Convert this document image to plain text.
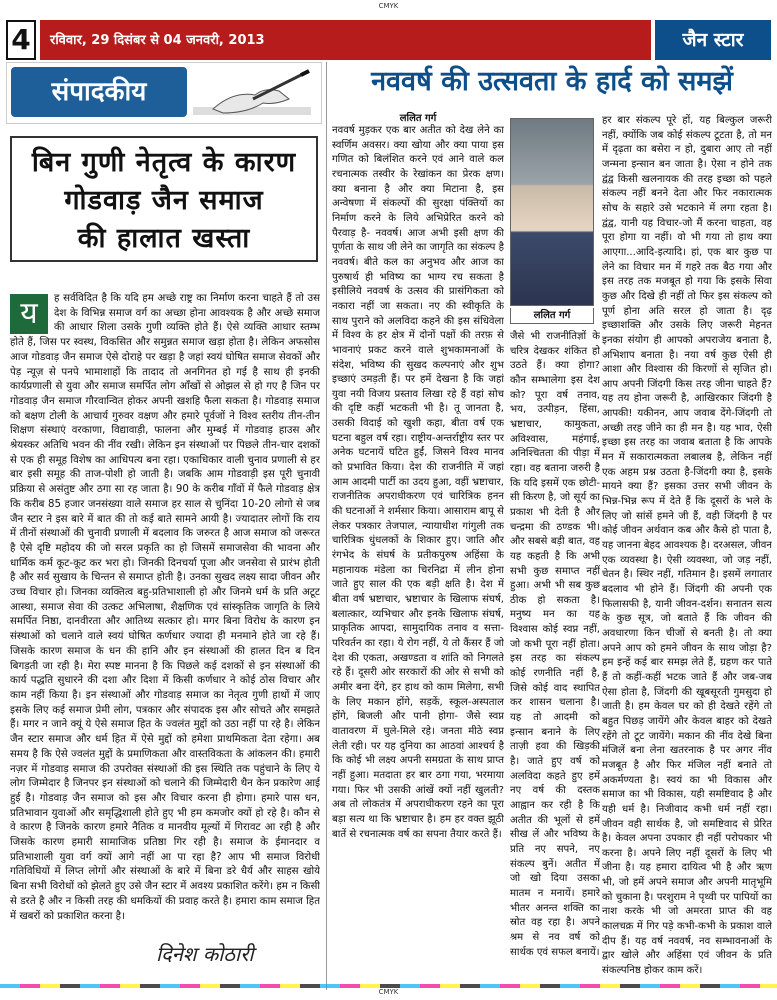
CMYK
4	रविवार, 29 दिसंबर से 04 जनवरी, 2013	जैन स्टार
संपादकीय
बिन गुणी नेतृत्व के कारण
गोडवाड़ जैन समाज
की हालात खस्ता
य	ह सर्वविदित है कि यदि हम अच्छे राष्ट्र का निर्माण करना चाहते हैं तो उस देश के विभिन्न समाज वर्ग का अच्छा होना आवश्यक है और अच्छे समाज की आधार शिला उसके गुणी व्यक्ति होते हैं। ऐसे व्यक्ति आधार स्तम्भ होते हैं, जिस पर स्वस्थ, विकसित और समुन्नत समाज खड़ा होता है। लेकिन अफसोस आज गोडवाड़ जैन समाज ऐसे दोराहे पर खड़ा है जहां स्वयं घोषित समाज सेवकों और पेड़ न्यूज़ से पनपे भामाशाहों कि तादाद तो अनगिनत हो गई है साथ ही इनकी कार्यप्रणाली से युवा और समाज समर्पित लोग आँखों से ओझल से हो गए है जिन पर गोडवाड़ जैन समाज गौरवान्वित होकर अपनी खशहि फैला सकता है। गोडवाड़ समाज को बक्षण टोली के आचार्य गुरुवर वक्षण और हमारे पूर्वजों ने विश्व स्तरीय तीन-तीन शिक्षण संस्थाएं वरकाणा, विद्यावाड़ी, फालना और मुम्बई में गोडवाड़ हाउस और श्रेयस्कर अतिथि भवन की नींव रखी। लेकिन इन संस्थाओं पर पिछले तीन-चार दशकों से एक ही समूह विशेष का आधिपत्य बना रहा। एकाधिकार वाली चुनाव प्रणाली से हर बार इसी समूह की ताज-पोशी हो जाती है। जबकि आम गोडवाड़ी इस पूरी चुनावी प्रक्रिया से असंतुष्ट और ठगा सा रह जाता है। 90 के करीब गाँवों में फैले गोडवाड़ क्षेत्र कि करीब 85 हजार जनसंख्या वाले समाज हर साल से चुनिंदा 10-20 लोगो से जब जैन स्टार ने इस बारे में बात की तो कई बाते सामने आयी है। ज्यादातर लोगों कि राय में तीनों संस्थाओं की चुनावी प्रणाली में बदलाव कि जरुरत है आज समाज को जरूरत है ऐसे दृष्टि महोदय की जो सरल प्रकृति का हो जिसमें समाजसेवा की भावना और धार्मिक कर्म कूट-कूट कर भरा हो। जिनकी दिनचर्या पूजा और जनसेवा से प्रारंभ होती है और सर्व सुखाय के चिन्तन से समाप्त होती है। उनका सुखद लक्ष्य सादा जीवन और उच्च विचार हो। जिनका व्यक्तित्व बहु-प्रतिभाशाली हो और जिनमे धर्म के प्रति अटूट आस्था, समाज सेवा की उत्कट अभिलाषा, शैक्षणिक एवं सांस्कृतिक जागृति के लिये समर्पित निष्ठा, दानवीरता और आतिथ्य सत्कार हो। मगर बिना विरोध के कारण इन संस्थाओं को चलाने वाले स्वयं घोषित कर्णधार ज्यादा ही मनमाने होते जा रहे हैं। जिसके कारण समाज के धन की हानि और इन संस्थाओं की हालत दिन ब दिन बिगड़ती जा रही है। मेरा स्पष्ट मानना है कि पिछले कई दशकों से इन संस्थाओं की कार्य पद्धति सुधारने की दशा और दिशा में किसी कर्णधार ने कोई ठोस विचार और काम नहीं किया है। इन संस्थाओं और गोडवाड़ समाज का नेतृत्व गुणी हाथों में जाए इसके लिए कई समाज प्रेमी लोग, पत्रकार और संपादक इस और सोचते और समझते हैं। मगर न जाने क्यूं ये ऐसे समाज हित के ज्वलंत मुद्दों को उठा नहीं पा रहे है। लेकिन जैन स्टार समाज और धर्म हित में ऐसे मुद्दों को हमेशा प्राथमिकता देता रहेगा। अब समय है कि ऐसे ज्वलंत मुद्दों के प्रमाणिकता और वास्तविकता के आंकलन की। हमारी नज़र में गोडवाड़ समाज की उपरोक्त संस्थाओं की इस स्थिति तक पहुंचाने के लिए ये लोग जिम्मेदार है जिनपर इन संस्थाओं को चलाने की जिम्मेदारी थैन केन प्रकारेण आई हुई है। गोडवाड़ जैन समाज को इस और विचार करना ही होगा। हमारे पास धन, प्रतिभावान युवाओं और समृद्धिशाली होते हुए भी हम कमजोर क्यों हो रहे है। कौन से वे कारण है जिनके कारण हमारे नैतिक व मानवीय मूल्यों में गिरावट आ रही है और जिसके कारण हमारी सामाजिक प्रतिष्ठा गिर रही है। समाज के ईमानदार व प्रतिभाशाली युवा वर्ग क्यों आगे नहीं आ पा रहा है? आप भी समाज विरोधी गतिविधियों में लिप्त लोगों और संस्थाओं के बारे में बिना डरे धैर्य और साहस खोये बिना सभी विरोधों को झेलते हुए उसे जैन स्टार में अवश्य प्रकाशित करेंगे। हम न किसी से डरते है और न किसी तरह की धमकियों की प्रवाह करते है। हमारा काम समाज हित में खबरों को प्रकाशित करना है।
दिनेश कोठारी
नववर्ष की उत्सवता के हार्द को समझें
ललित गर्ग
नववर्ष मुड़कर एक बार अतीत को देख लेने का स्वर्णिम अवसर। क्या खोया और क्या पाया इस गणित को बिलंशित करने एवं आने वाले कल रचनात्मक तस्वीर के रेखांकन का प्रेरक क्षण। क्या बनाना है और क्या मिटाना है, इस अन्वेषणा में संकल्पों की सुरक्षा पंक्तियों का निर्माण करने के लिये अभिप्रेरित करने को पैरवाड़ है- नववर्ष। आज अभी इसी क्षण की पूर्णता के साथ जी लेने का जागृति का संकल्प है नववर्ष। बीते कल का अनुभव और आज का पुरुषार्थ ही भविष्य का भाग्य रच सकता है इसीलिये नववर्ष के उत्सव की प्रासंगिकता को नकारा नहीं जा सकता। नए की स्वीकृति के साथ पुराने को अलविदा कहने की इस संधिवेला में विश्व के हर क्षेत्र में दोनों पक्षों की तरफ़ से भावनाएं प्रकट करने वाले शुभकामनाओं के संदेश, भविष्य की सुखद कल्पनाएं और शुभ इच्छाएं उमड़ती हैं। पर हमें देखना है कि जहां युवा नयी विजय प्रस्ताव लिखा रहे हैं वहां सोच की दृष्टि कहीं भटकती भी है। तू जानता है, उसकी विदाई को खुशी कहा, बीता वर्ष एक घटना बहुल वर्ष रहा। राष्ट्रीय-अन्तर्राष्ट्रीय स्तर पर अनेक घटनायें घटित हुईं, जिसने विश्व मानव को प्रभावित किया। देश की राजनीति में जहां आम आदमी पार्टी का उदय हुआ, वहीं भ्रष्टाचार, राजनीतिक अपराधीकरण एवं चारित्रिक हनन की घटनाओं ने शर्मसार किया। आसाराम बापू से लेकर पत्रकार तेजपाल, न्यायाधीश गांगुली तक चारित्रिक धुंधलकों के शिकार हुए। जाति और रंगभेद के संघर्ष के प्रतीकपुरुष अहिंसा के महानायक मंडेला का चिरनिद्रा में लीन होना जाते हुए साल की एक बड़ी क्षति है। देश में बीता वर्ष भ्रष्टाचार, भ्रष्टाचार के खिलाफ संघर्ष, बलात्कार, व्यभिचार और इनके खिलाफ संघर्ष, प्राकृतिक आपदा, सामुदायिक तनाव व सत्ता-परिवर्तन का रहा। ये रोग नहीं, ये तो कैंसर हैं जो देश की एकता, अखण्डता व शांति को निगलते रहे हैं। दूसरी ओर सरकारों की ओर से सभी को अमीर बना देंगे, हर हाथ को काम मिलेगा, सभी के लिए मकान होंगे, सड़कें, स्कूल-अस्पताल होंगे, बिजली और पानी होगा- जैसे स्वप्न वातावरण में घुले-मिले रहे। जनता मीठे स्वप्न लेती रही। पर यह दुनिया का आठवां आश्चर्य है कि कोई भी लक्ष्य अपनी समग्रता के साथ प्राप्त नहीं हुआ। मतदाता हर बार ठगा गया, भरमाया गया। फिर भी उसकी आंखें क्यों नहीं खुलती? अब तो लोकतंत्र में अपराधीकरण रहने का पूरा बड़ा सत्य था कि भ्रष्टाचार है। हम हर वक्त झूठी बातें से रचनात्मक वर्ष का सपना तैयार करते हैं।
ललित गर्ग
जैसे भी राजनीतिज्ञों के चरित्र देखकर शंकित हो उठते हैं। क्या होगा? कौन सम्भालेगा इस देश को? पूरा वर्ष तनाव, भय, उत्पीड़न, हिंसा, भ्रष्टाचार, कामुकता, अविश्वास, महंगाई, अनिश्चितता की पीड़ा में रहा। वह बताना जरुरी है कि यदि इसमें एक छोटी-सी किरण है, जो सूर्य का प्रकाश भी देती है और चन्द्रमा की ठण्डक भी। और सबसे बड़ी बात, वह यह कहती है कि अभी सभी कुछ समाप्त नहीं हुआ। अभी भी सब कुछ ठीक हो सकता है। मनुष्य मन का यह विश्वास कोई स्वप्न नहीं, जो कभी पूरा नहीं होता। इस तरह का संकल्प कोई रणनीति नहीं है, जिसे कोई वाद स्थापित कर शासन चलाना है। यह तो आदमी को इन्सान बनाने के लिए ताज़ी हवा की खिड़की है। जाते हुए वर्ष को अलविदा कहते हुए हमें नए वर्ष की दस्तक आह्वान कर रही है कि अतीत की भूलों से हमें सीख लें और भविष्य के प्रति नए सपने, नए संकल्प बुनें। अतीत में जो खो दिया उसका मातम न मनायें। हमारे भीतर अनन्त शक्ति का स्रोत वह रहा है। अपने श्रम से नव वर्ष को सार्थक एवं सफल बनायें।
हर बार संकल्प पूरे हों, यह बिल्कुल जरूरी नहीं, क्योंकि जब कोई संकल्प टूटता है, तो मन में दृढ़ता का बसेरा न हो, दुबारा आए तो नहीं जन्मना इन्सान बन जाता है। ऐसा न होने तक द्वंद्व किसी खलनायक की तरह इच्छा को पहले संकल्प नहीं बनने देता और फिर नकारात्मक सोच के सहारे उसे भटकाने में लगा रहता है। द्वंद्व, यानी यह विचार-जो मैं करना चाहता, वह पूरा होगा या नहीं। वो भी गया तो हाथ क्या आएगा...आदि-इत्यादि। हां, एक बार कुछ पा लेने का विचार मन में गहरे तक बैठ गया और इस तरह तक मजबूत हो गया कि इसके सिवा कुछ और दिखे ही नहीं तो फिर इस संकल्प को पूर्ण होना अति सरल हो जाता है। दृढ़ इच्छाशक्ति और उसके लिए जरूरी मेहनत इनका संयोग ही आपको अपराजेय बनाता है, अभिशाप बनाता है। नया वर्ष कुछ ऐसी ही आशा और विश्वास की किरणों से सृजित हो। आप अपनी जिंदगी किस तरह जीना चाहते हैं? यह तय होना जरूरी है, आखिरकार जिंदगी है आपकी! यकीनन, आप जवाब देंगे-जिंदगी तो अच्छी तरह जीने का ही मन है। यह भाव, ऐसी इच्छा इस तरह का जवाब बताता है कि आपके मन में सकारात्मकता लबालब है, लेकिन नहीं एक अहम प्रश्न उठता है-जिंदगी क्या है, इसके मायने क्या हैं? इसका उत्तर सभी जीवन के भिन्न-भिन्न रूप में देते हैं कि दूसरों के भले के लिए जो सांसें हमने जी हैं, वही जिंदगी है पर कोई जीवन अर्थवान कब और कैसे हो पाता है, यह जानना बेहद आवश्यक है। दरअसल, जीवन एक व्यवस्था है। ऐसी व्यवस्था, जो जड़ नहीं, चेतन है। स्थिर नहीं, गतिमान है। इसमें लगातार बदलाव भी होने हैं। जिंदगी की अपनी एक फिलासफी है, यानी जीवन-दर्शन। सनातन सत्य के कुछ सूत्र, जो बताते हैं कि जीवन की अवधारणा किन चीजों से बनती है। तो क्या अपने आप को हमने जीवन के साथ जोड़ा है? हम इन्हें कई बार समझ लेते हैं, ग्रहण कर पाते हैं तो कहीं-कहीं भटक जाते हैं और जब-जब ऐसा होता है, जिंदगी की खूबसूरती गुमसुदा हो जाती है। हम केवल घर को ही देखते रहेंगे तो बहुत पिछड़ जायेंगे और केवल बाहर को देखते रहेंगे तो टूट जायेंगे। मकान की नींव देखे बिना मंजिलें बना लेना खतरनाक है पर अगर नींव मजबूत है और फिर मंजिल नहीं बनाते तो अकर्मण्यता है। स्वयं का भी विकास और समाज का भी विकास, यही समष्टिवाद है और यही धर्म है। निजीवाद कभी धर्म नहीं रहा। जीवन वही सार्थक है, जो समष्टिवाद से प्रेरित है। केवल अपना उपकार ही नहीं परोपकार भी करना है। अपने लिए नहीं दूसरों के लिए भी जीना है। यह हमारा दायित्व भी है और ऋण भी, जो हमें अपने समाज और अपनी मातृभूमि को चुकाना है। परशुराम ने पृथ्वी पर पापियों का नाश करके भी जो अमरता प्राप्त की वह कालचक्र में गिर पड़े कभी-कभी के प्रकाश वाले दीप हैं। यह वर्ष नववर्ष, नव सम्भावनाओं के द्वार खोले और अहिंसा एवं जीवन के प्रति संकल्पनिष्ठ होकर काम करें।
CMYK
